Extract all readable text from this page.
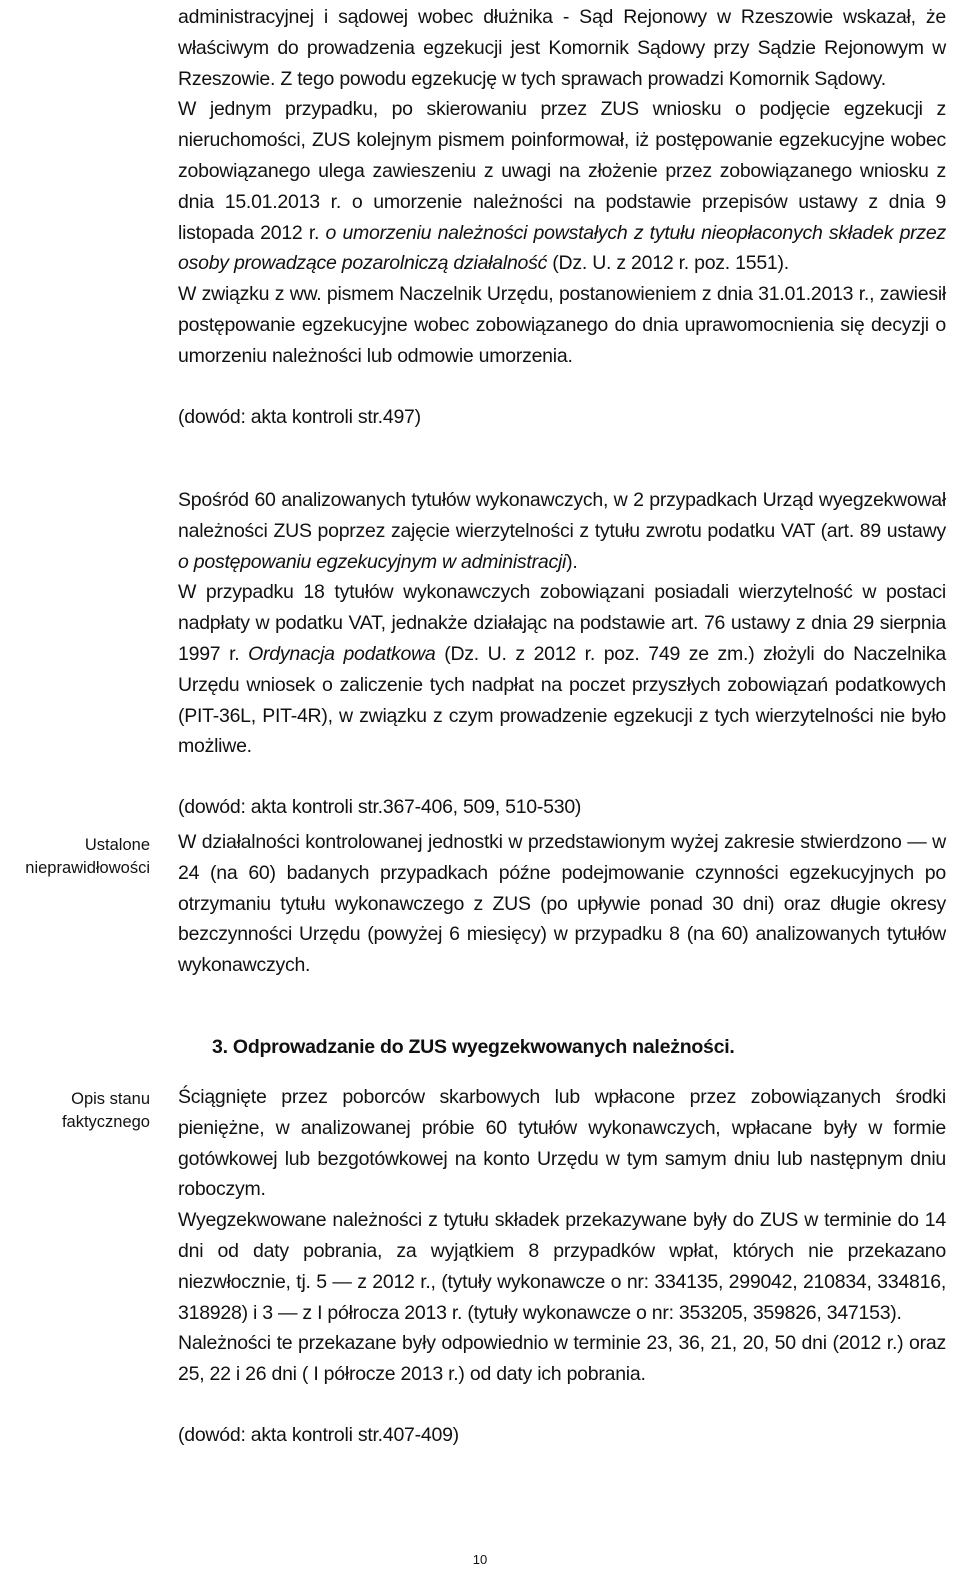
administracyjnej i sądowej wobec dłużnika - Sąd Rejonowy w Rzeszowie wskazał, że właściwym do prowadzenia egzekucji jest Komornik Sądowy przy Sądzie Rejonowym w Rzeszowie. Z tego powodu egzekucję w tych sprawach prowadzi Komornik Sądowy.

W jednym przypadku, po skierowaniu przez ZUS wniosku o podjęcie egzekucji z nieruchomości, ZUS kolejnym pismem poinformował, iż postępowanie egzekucyjne wobec zobowiązanego ulega zawieszeniu z uwagi na złożenie przez zobowiązanego wniosku z dnia 15.01.2013 r. o umorzenie należności na podstawie przepisów ustawy z dnia 9 listopada 2012 r. o umorzeniu należności powstałych z tytułu nieopłaconych składek przez osoby prowadzące pozarolniczą działalność (Dz. U. z 2012 r. poz. 1551).

W związku z ww. pismem Naczelnik Urzędu, postanowieniem z dnia 31.01.2013 r., zawiesił postępowanie egzekucyjne wobec zobowiązanego do dnia uprawomocnienia się decyzji o umorzeniu należności lub odmowie umorzenia.

(dowód: akta kontroli str.497)

Spośród 60 analizowanych tytułów wykonawczych, w 2 przypadkach Urząd wyegzekwował należności ZUS poprzez zajęcie wierzytelności z tytułu zwrotu podatku VAT (art. 89 ustawy o postępowaniu egzekucyjnym w administracji).

W przypadku 18 tytułów wykonawczych zobowiązani posiadali wierzytelność w postaci nadpłaty w podatku VAT, jednakże działając na podstawie art. 76 ustawy z dnia 29 sierpnia 1997 r. Ordynacja podatkowa (Dz. U. z 2012 r. poz. 749 ze zm.) złożyli do Naczelnika Urzędu wniosek o zaliczenie tych nadpłat na poczet przyszłych zobowiązań podatkowych (PIT-36L, PIT-4R), w związku z czym prowadzenie egzekucji z tych wierzytelności nie było możliwe.

(dowód: akta kontroli str.367-406, 509, 510-530)

Ustalone nieprawidłowości

W działalności kontrolowanej jednostki w przedstawionym wyżej zakresie stwierdzono — w 24 (na 60) badanych przypadkach późne podejmowanie czynności egzekucyjnych po otrzymaniu tytułu wykonawczego z ZUS (po upływie ponad 30 dni) oraz długie okresy bezczynności Urzędu (powyżej 6 miesięcy) w przypadku 8 (na 60) analizowanych tytułów wykonawczych.

3. Odprowadzanie do ZUS wyegzekwowanych należności.
Opis stanu faktycznego

Ściągnięte przez poborców skarbowych lub wpłacone przez zobowiązanych środki pieniężne, w analizowanej próbie 60 tytułów wykonawczych, wpłacane były w formie gotówkowej lub bezgotówkowej na konto Urzędu w tym samym dniu lub następnym dniu roboczym.

Wyegzekwowane należności z tytułu składek przekazywane były do ZUS w terminie do 14 dni od daty pobrania, za wyjątkiem 8 przypadków wpłat, których nie przekazano niezwłocznie, tj. 5 — z 2012 r., (tytuły wykonawcze o nr: 334135, 299042, 210834, 334816, 318928) i 3 — z I półrocza 2013 r. (tytuły wykonawcze o nr: 353205, 359826, 347153).

Należności te przekazane były odpowiednio w terminie 23, 36, 21, 20, 50 dni (2012 r.) oraz 25, 22 i 26 dni ( I półrocze 2013 r.) od daty ich pobrania.

(dowód: akta kontroli str.407-409)

10
